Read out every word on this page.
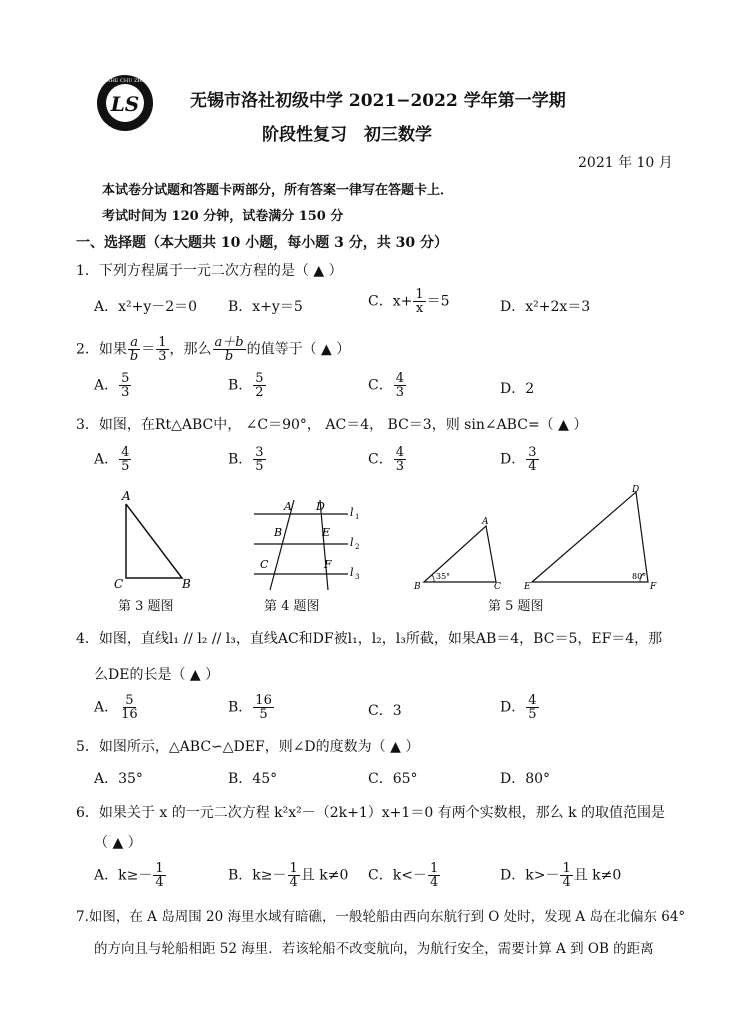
LS
LUOSHE CHU ZHONG
无锡市洛社初级中学 2021−2022 学年第一学期
阶段性复习　初三数学
2021 年 10 月
本试卷分试题和答题卡两部分，所有答案一律写在答题卡上．
考试时间为 120 分钟，试卷满分 150 分
一、选择题（本大题共 10 小题，每小题 3 分，共 30 分）
1．下列方程属于一元二次方程的是（ ▲ ）
A．x²+y－2＝0 B．x+y＝5	C．$x+ \frac{1}{x} =5$	D．x²+2x＝3
2．如果 $\frac{a}{b} = \frac{1}{3}$ ，那么 $\frac{a+b}{b}$ 的值等于（ ▲ ）
A． $\frac{5}{3}$	B． $\frac{5}{2}$	C． $\frac{4}{3}$	D．2
3．如图，在Rt△ABC中， ∠C＝90°， AC＝4， BC＝3，则 sin∠ABC=（ ▲ ）
A． $\frac{4}{5}$	B． $\frac{3}{5}$	C． $\frac{4}{3}$	D． $\frac{3}{4}$
A
C	B
第 3 题图
A D
B	E
C	F
l 1
l 2
l 3
第 4 题图
A
B	C
35°
D
E	F
80°
第 5 题图
4．如图，直线l₁ // l₂ // l₃，直线AC和DF被l₁，l₂，l₃所截，如果AB＝4，BC＝5，EF＝4，那
么DE的长是（ ▲ ）
A． $\frac{5}{16}$	B． $\frac{16}{5}$	C．3	D． $\frac{4}{5}$
5．如图所示，△ABC∽△DEF，则∠D的度数为（ ▲ ）
A．35°	B．45°	C．65°	D．80°
6．如果关于 x 的一元二次方程 k²x²－（2k+1）x+1＝0 有两个实数根，那么 k 的取值范围是
（ ▲ ）
A．$k\ge- \frac{1}{4}$	B．$k\ge- \frac{1}{4}$ 且 k≠0 C．$k<- \frac{1}{4}$	D．$k>- \frac{1}{4}$ 且 k≠0
7.如图，在 A 岛周围 20 海里水域有暗礁，一般轮船由西向东航行到 O 处时，发现 A 岛在北偏东 64°
的方向且与轮船相距 52 海里．若该轮船不改变航向，为航行安全，需要计算 A 到 OB 的距离
